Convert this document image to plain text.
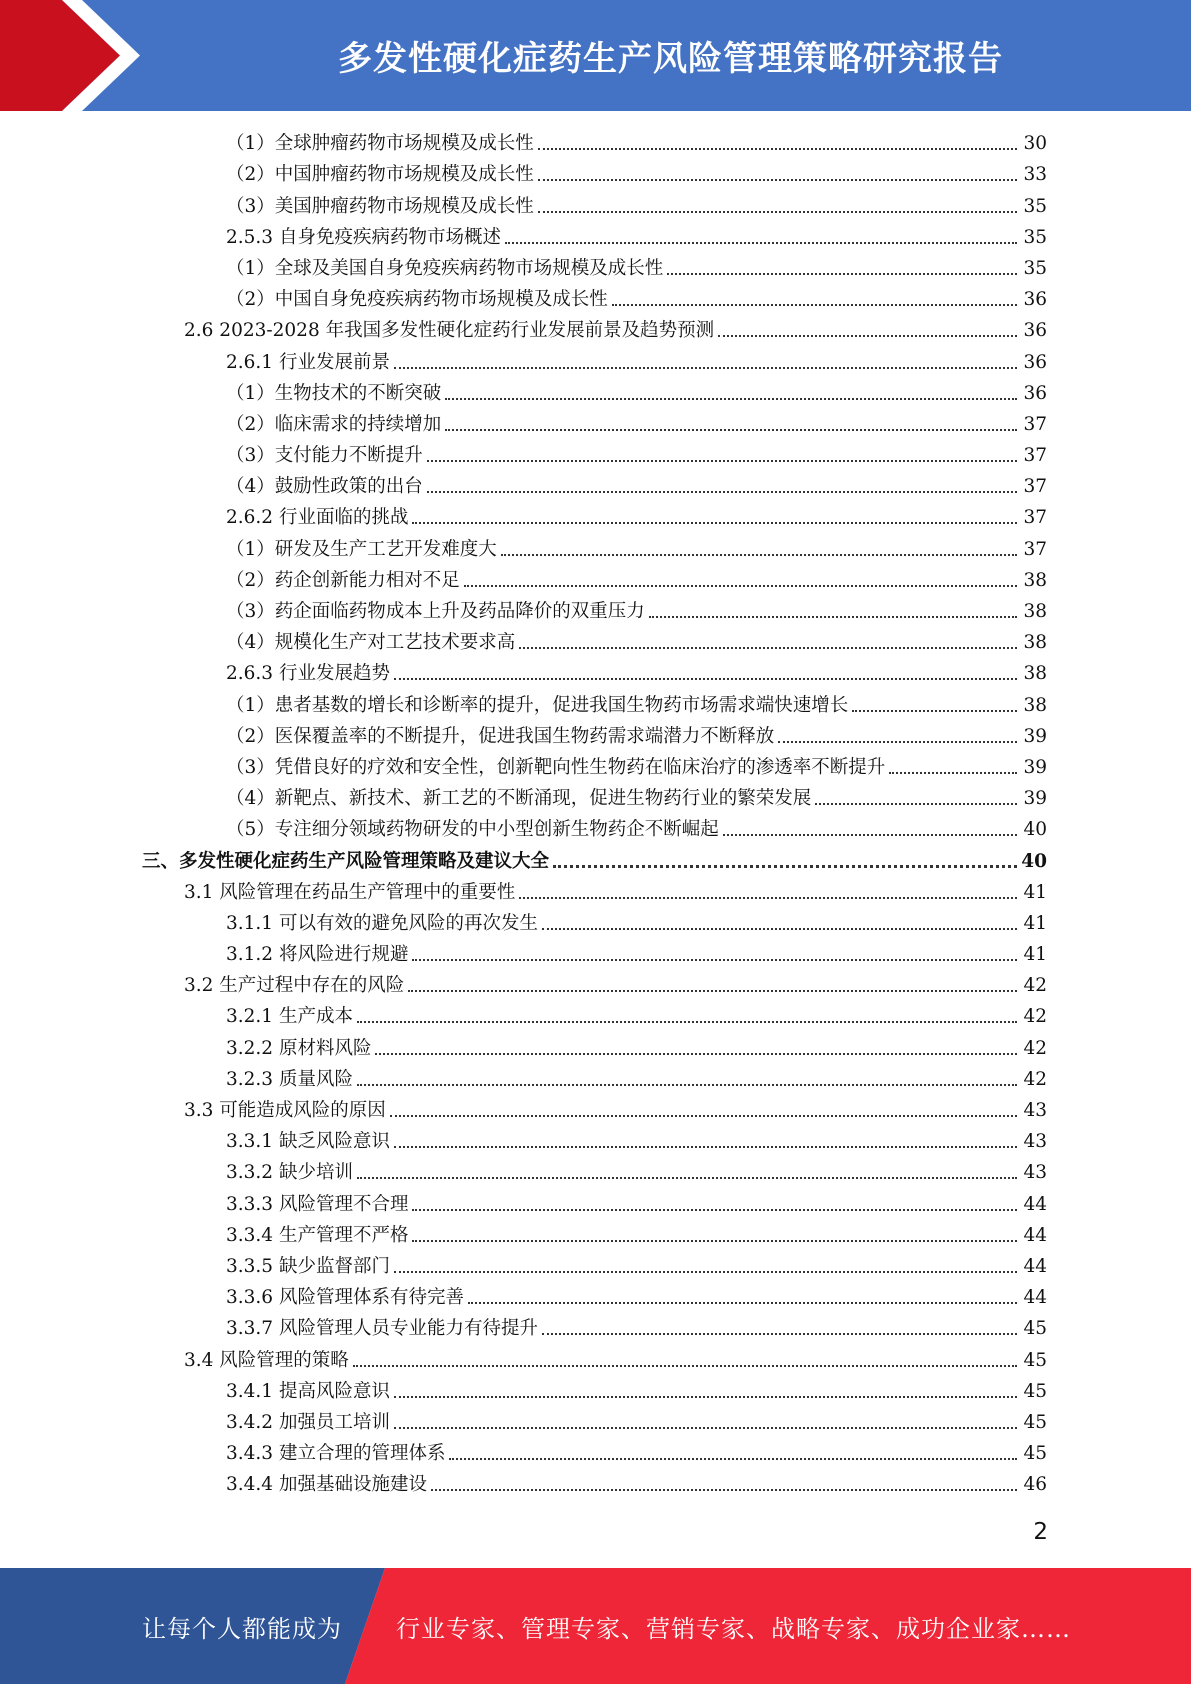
多发性硬化症药生产风险管理策略研究报告
（1）全球肿瘤药物市场规模及成长性	30
（2）中国肿瘤药物市场规模及成长性	33
（3）美国肿瘤药物市场规模及成长性	35
2.5.3 自身免疫疾病药物市场概述	35
（1）全球及美国自身免疫疾病药物市场规模及成长性	35
（2）中国自身免疫疾病药物市场规模及成长性	36
2.6 2023-2028 年我国多发性硬化症药行业发展前景及趋势预测	36
2.6.1 行业发展前景	36
（1）生物技术的不断突破	36
（2）临床需求的持续增加	37
（3）支付能力不断提升	37
（4）鼓励性政策的出台	37
2.6.2 行业面临的挑战	37
（1）研发及生产工艺开发难度大	37
（2）药企创新能力相对不足	38
（3）药企面临药物成本上升及药品降价的双重压力	38
（4）规模化生产对工艺技术要求高	38
2.6.3 行业发展趋势	38
（1）患者基数的增长和诊断率的提升，促进我国生物药市场需求端快速增长	38
（2）医保覆盖率的不断提升，促进我国生物药需求端潜力不断释放	39
（3）凭借良好的疗效和安全性，创新靶向性生物药在临床治疗的渗透率不断提升	39
（4）新靶点、新技术、新工艺的不断涌现，促进生物药行业的繁荣发展	39
（5）专注细分领域药物研发的中小型创新生物药企不断崛起	40
三、多发性硬化症药生产风险管理策略及建议大全	40
3.1 风险管理在药品生产管理中的重要性	41
3.1.1 可以有效的避免风险的再次发生	41
3.1.2 将风险进行规避	41
3.2 生产过程中存在的风险	42
3.2.1 生产成本	42
3.2.2 原材料风险	42
3.2.3 质量风险	42
3.3 可能造成风险的原因	43
3.3.1 缺乏风险意识	43
3.3.2 缺少培训	43
3.3.3 风险管理不合理	44
3.3.4 生产管理不严格	44
3.3.5 缺少监督部门	44
3.3.6 风险管理体系有待完善	44
3.3.7 风险管理人员专业能力有待提升	45
3.4 风险管理的策略	45
3.4.1 提高风险意识	45
3.4.2 加强员工培训	45
3.4.3 建立合理的管理体系	45
3.4.4 加强基础设施建设	46
2
让每个人都能成为 行业专家、管理专家、营销专家、战略专家、成功企业家……
